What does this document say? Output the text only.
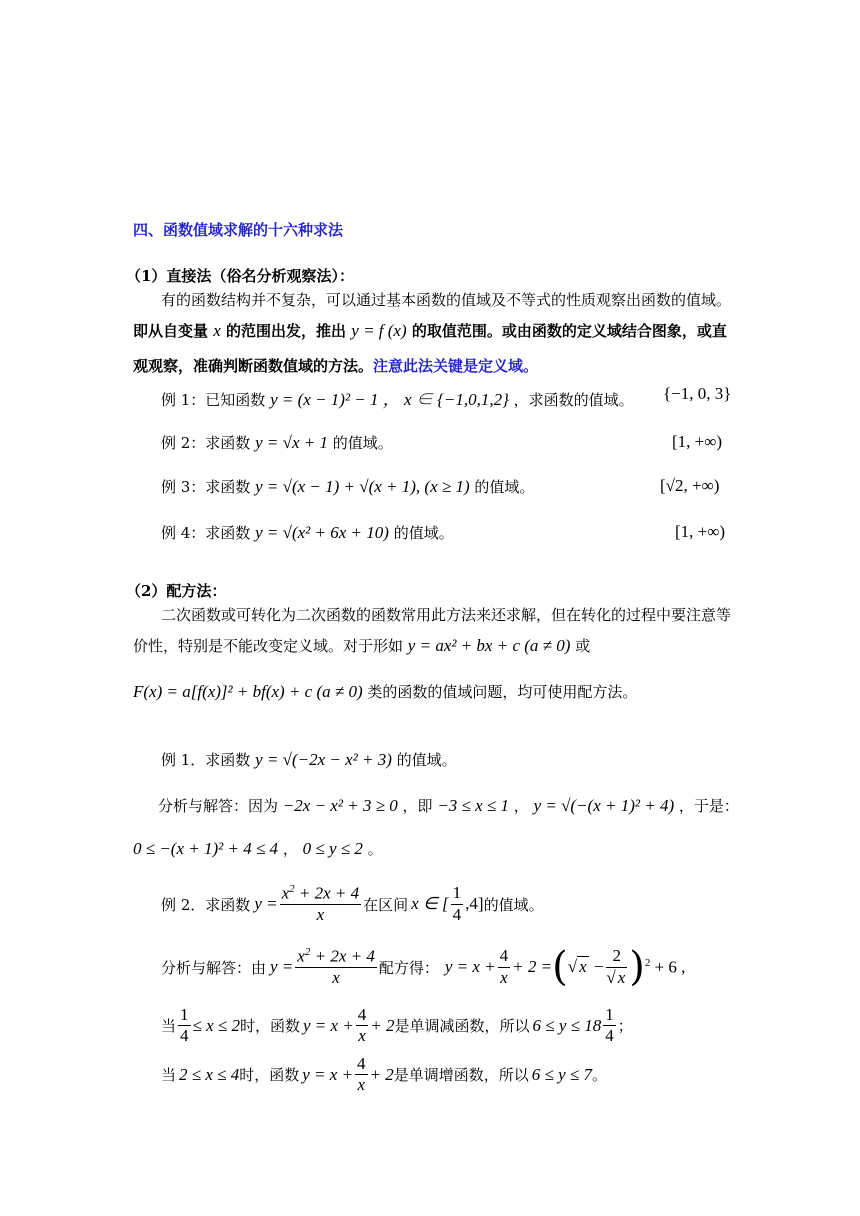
四、函数值域求解的十六种求法
（1）直接法（俗名分析观察法）：
有的函数结构并不复杂，可以通过基本函数的值域及不等式的性质观察出函数的值域。
即从自变量 x 的范围出发，推出 y = f (x) 的取值范围。或由函数的定义域结合图象，或直
观观察，准确判断函数值域的方法。注意此法关键是定义域。
例 1：已知函数 y = (x − 1)² − 1 ， x ∈ {−1,0,1,2} ，求函数的值域。 {−1, 0, 3}
例 2：求函数 y = √x + 1 的值域。	[1, +∞)
例 3：求函数 y = √(x − 1) + √(x + 1), (x ≥ 1) 的值域。	[√2, +∞)
例 4：求函数 y = √(x² + 6x + 10) 的值域。	[1, +∞)
（2）配方法：
二次函数或可转化为二次函数的函数常用此方法来还求解，但在转化的过程中要注意等
价性，特别是不能改变定义域。对于形如 y = ax² + bx + c (a ≠ 0) 或
F(x) = a[f(x)]² + bf(x) + c (a ≠ 0) 类的函数的值域问题，均可使用配方法。
例 1．求函数 y = √(−2x − x² + 3) 的值域。
分析与解答：因为 −2x − x² + 3 ≥ 0 ，即 −3 ≤ x ≤ 1 ， y = √(−(x + 1)² + 4) ，于是：
0 ≤ −(x + 1)² + 4 ≤ 4 ， 0 ≤ y ≤ 2 。
例 2．求函数 $y = \frac{x^2 + 2x + 4}{x}$ 在区间 x ∈ [ $\frac{1}{4} ,4$] 的值域。
分析与解答：由 $y = \frac{x^2 + 2x + 4}{x}$ 配方得： $y = x + \frac{4}{x} + 2$ = ( √ $x - \frac{2}{√ x}$ ) $^2$ + 6 ,
当 $\frac{1}{4} \le x \le 2$ 时，函数 $y = x + \frac{4}{x} + 2$ 是单调减函数，所以 $6 \le y \le 18 \frac{1}{4}$ ；
当 2 ≤ x ≤ 4 时，函数 $y = x + \frac{4}{x} + 2$ 是单调增函数，所以 6 ≤ y ≤ 7 。
